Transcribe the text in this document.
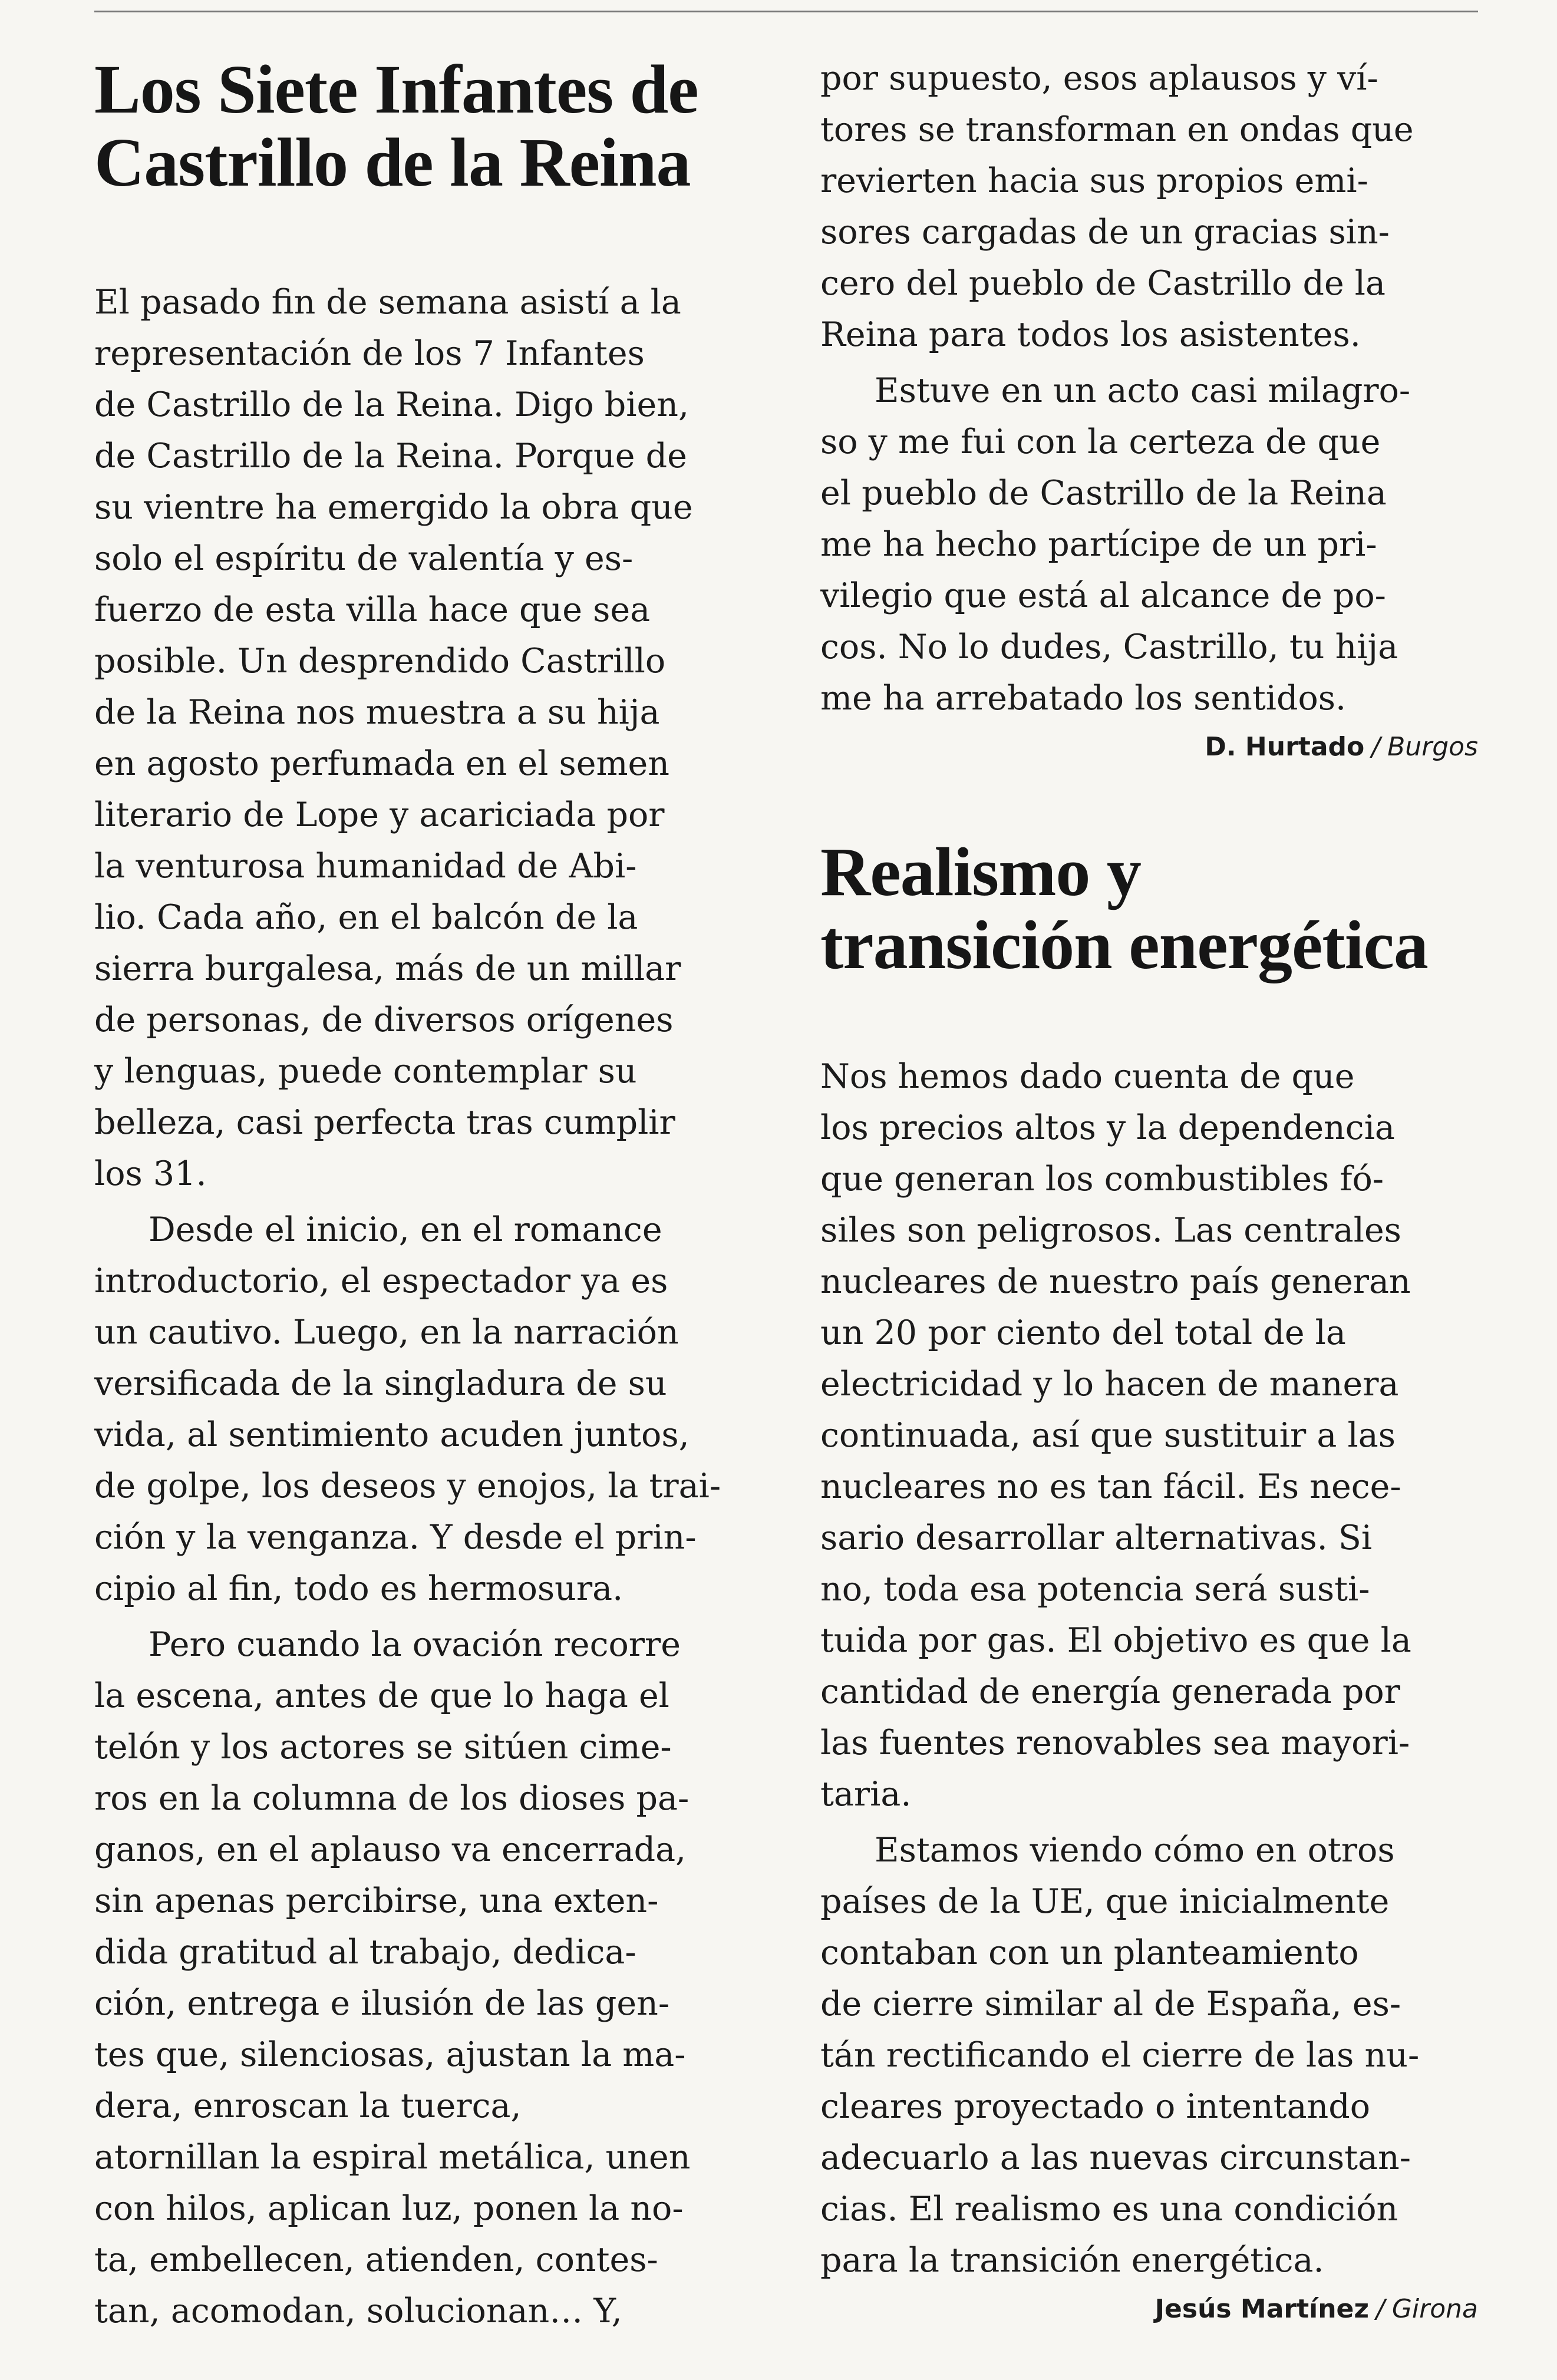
Los Siete Infantes de
Castrillo de la Reina
El pasado fin de semana asistí a la
representación de los 7 Infantes
de Castrillo de la Reina. Digo bien,
de Castrillo de la Reina. Porque de
su vientre ha emergido la obra que
solo el espíritu de valentía y es-
fuerzo de esta villa hace que sea
posible. Un desprendido Castrillo
de la Reina nos muestra a su hija
en agosto perfumada en el semen
literario de Lope y acariciada por
la venturosa humanidad de Abi-
lio. Cada año, en el balcón de la
sierra burgalesa, más de un millar
de personas, de diversos orígenes
y lenguas, puede contemplar su
belleza, casi perfecta tras cumplir
los 31.
Desde el inicio, en el romance
introductorio, el espectador ya es
un cautivo. Luego, en la narración
versificada de la singladura de su
vida, al sentimiento acuden juntos,
de golpe, los deseos y enojos, la trai-
ción y la venganza. Y desde el prin-
cipio al fin, todo es hermosura.
Pero cuando la ovación recorre
la escena, antes de que lo haga el
telón y los actores se sitúen cime-
ros en la columna de los dioses pa-
ganos, en el aplauso va encerrada,
sin apenas percibirse, una exten-
dida gratitud al trabajo, dedica-
ción, entrega e ilusión de las gen-
tes que, silenciosas, ajustan la ma-
dera, enroscan la tuerca,
atornillan la espiral metálica, unen
con hilos, aplican luz, ponen la no-
ta, embellecen, atienden, contes-
tan, acomodan, solucionan… Y,
por supuesto, esos aplausos y ví-
tores se transforman en ondas que
revierten hacia sus propios emi-
sores cargadas de un gracias sin-
cero del pueblo de Castrillo de la
Reina para todos los asistentes.
Estuve en un acto casi milagro-
so y me fui con la certeza de que
el pueblo de Castrillo de la Reina
me ha hecho partícipe de un pri-
vilegio que está al alcance de po-
cos. No lo dudes, Castrillo, tu hija
me ha arrebatado los sentidos.
D. Hurtado / Burgos
Realismo y
transición energética
Nos hemos dado cuenta de que
los precios altos y la dependencia
que generan los combustibles fó-
siles son peligrosos. Las centrales
nucleares de nuestro país generan
un 20 por ciento del total de la
electricidad y lo hacen de manera
continuada, así que sustituir a las
nucleares no es tan fácil. Es nece-
sario desarrollar alternativas. Si
no, toda esa potencia será susti-
tuida por gas. El objetivo es que la
cantidad de energía generada por
las fuentes renovables sea mayori-
taria.
Estamos viendo cómo en otros
países de la UE, que inicialmente
contaban con un planteamiento
de cierre similar al de España, es-
tán rectificando el cierre de las nu-
cleares proyectado o intentando
adecuarlo a las nuevas circunstan-
cias. El realismo es una condición
para la transición energética.
Jesús Martínez / Girona
